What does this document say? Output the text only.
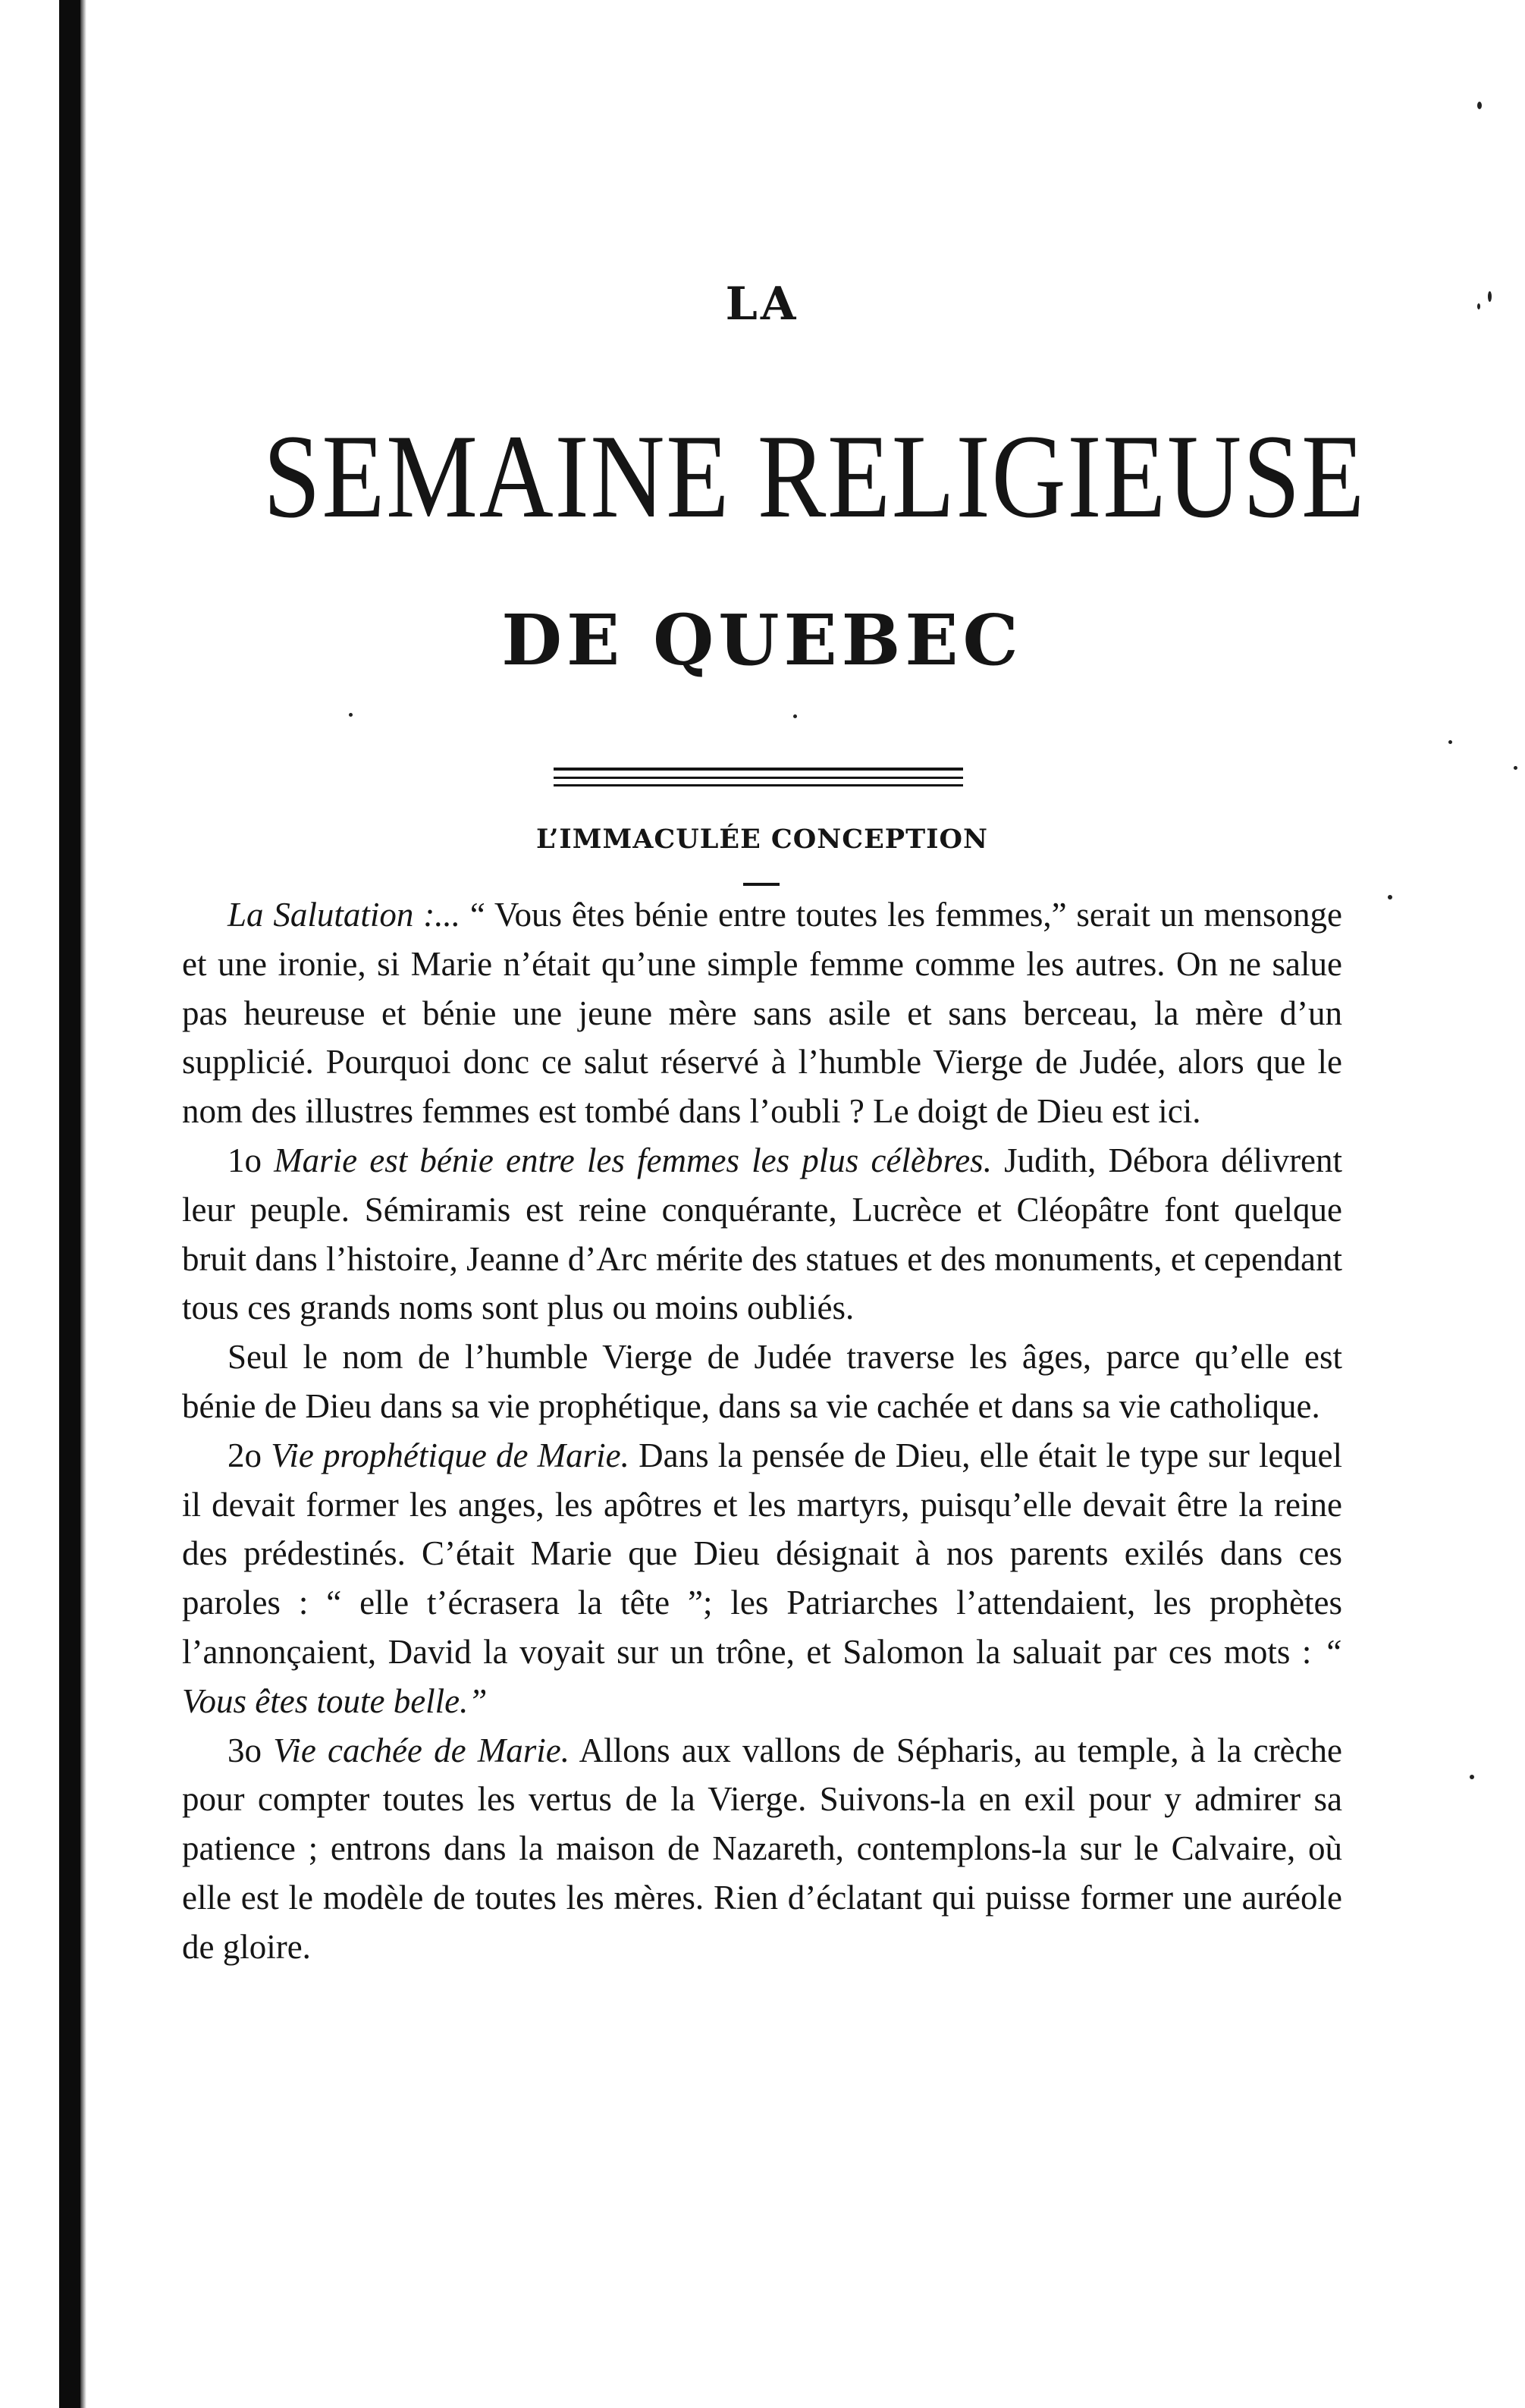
LA
SEMAINE RELIGIEUSE
DE QUEBEC
L’IMMACULÉE CONCEPTION

La Salutation :... “ Vous êtes bénie entre toutes les femmes,” serait un mensonge et une ironie, si Marie n’était qu’une simple femme comme les autres. On ne salue pas heureuse et bénie une jeune mère sans asile et sans berceau, la mère d’un supplicié. Pourquoi donc ce salut réservé à l’humble Vierge de Judée, alors que le nom des illustres femmes est tombé dans l’oubli ? Le doigt de Dieu est ici.

1o Marie est bénie entre les femmes les plus célèbres. Judith, Débora délivrent leur peuple. Sémiramis est reine conquérante, Lucrèce et Cléopâtre font quelque bruit dans l’histoire, Jeanne d’Arc mérite des statues et des monuments, et cependant tous ces grands noms sont plus ou moins oubliés.

Seul le nom de l’humble Vierge de Judée traverse les âges, parce qu’elle est bénie de Dieu dans sa vie prophétique, dans sa vie cachée et dans sa vie catholique.

2o Vie prophétique de Marie. Dans la pensée de Dieu, elle était le type sur lequel il devait former les anges, les apôtres et les martyrs, puisqu’elle devait être la reine des prédestinés. C’était Marie que Dieu désignait à nos parents exilés dans ces paroles : “ elle t’écrasera la tête ”; les Patriarches l’attendaient, les prophètes l’annonçaient, David la voyait sur un trône, et Salomon la saluait par ces mots : “ Vous êtes toute belle.”

3o Vie cachée de Marie. Allons aux vallons de Sépharis, au temple, à la crèche pour compter toutes les vertus de la Vierge. Suivons-la en exil pour y admirer sa patience ; entrons dans la maison de Nazareth, contemplons-la sur le Calvaire, où elle est le modèle de toutes les mères. Rien d’éclatant qui puisse former une auréole de gloire.
